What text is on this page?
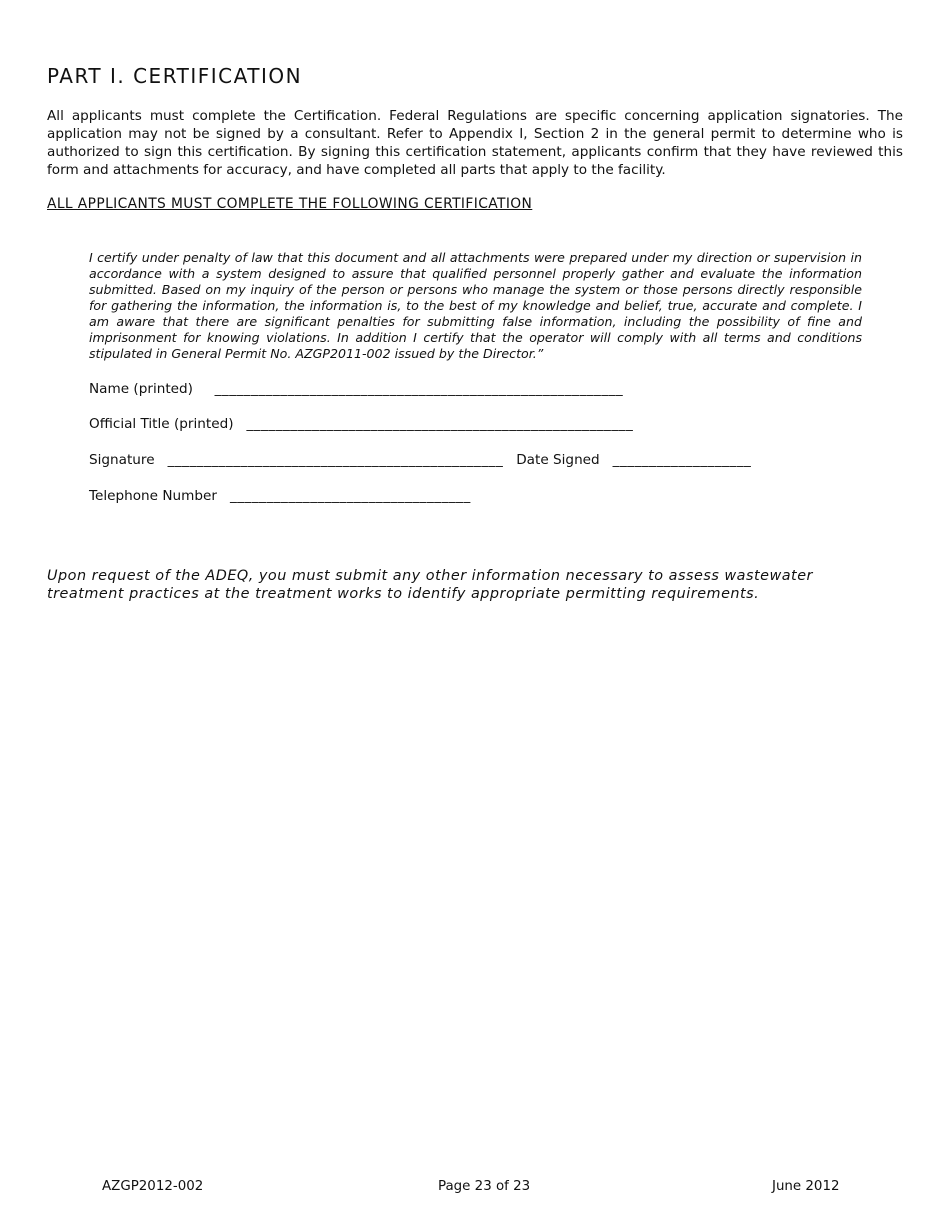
PART I. CERTIFICATION

All applicants must complete the Certification. Federal Regulations are specific concerning application signatories. The application may not be signed by a consultant. Refer to Appendix I, Section 2 in the general permit to determine who is authorized to sign this certification. By signing this certification statement, applicants confirm that they have reviewed this form and attachments for accuracy, and have completed all parts that apply to the facility.

ALL APPLICANTS MUST COMPLETE THE FOLLOWING CERTIFICATION

I certify under penalty of law that this document and all attachments were prepared under my direction or supervision in accordance with a system designed to assure that qualified personnel properly gather and evaluate the information submitted. Based on my inquiry of the person or persons who manage the system or those persons directly responsible for gathering the information, the information is, to the best of my knowledge and belief, true, accurate and complete. I am aware that there are significant penalties for submitting false information, including the possibility of fine and imprisonment for knowing violations. In addition I certify that the operator will comply with all terms and conditions stipulated in General Permit No. AZGP2011-002 issued by the Director.”

Name (printed) ________________________________________________________
Official Title (printed) _____________________________________________________
Signature ______________________________________________ Date Signed ___________________
Telephone Number _________________________________

Upon request of the ADEQ, you must submit any other information necessary to assess wastewater treatment practices at the treatment works to identify appropriate permitting requirements.

AZGP2012-002	Page 23 of 23	June 2012
